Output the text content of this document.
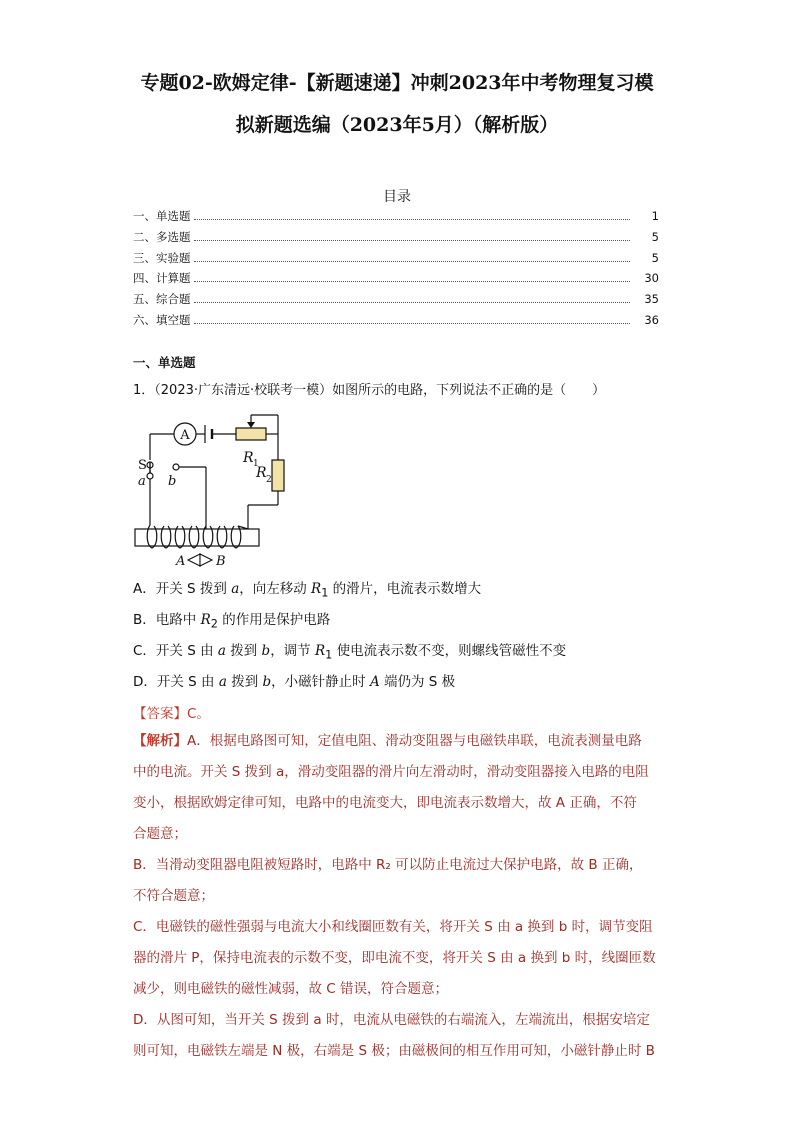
专题02-欧姆定律-【新题速递】冲刺2023年中考物理复习模
拟新题选编（2023年5月）（解析版）
目录
一、单选题	1
二、多选题	5
三、实验题	5
四、计算题	30
五、综合题	35
六、填空题	36
一、单选题
1．（2023·广东清远·校联考一模）如图所示的电路，下列说法不正确的是（　　）
A
R 1
R 2
S
a b
A B
A．开关 S 拨到 a，向左移动 $R_1$ 的滑片，电流表示数增大
B．电路中 $R_2$ 的作用是保护电路
C．开关 S 由 a 拨到 b，调节 $R_1$ 使电流表示数不变，则螺线管磁性不变
D．开关 S 由 a 拨到 b，小磁针静止时 A 端仍为 S 极
【答案】C。

【解析】A．根据电路图可知，定值电阻、滑动变阻器与电磁铁串联，电流表测量电路

中的电流。开关 S 拨到 a，滑动变阻器的滑片向左滑动时，滑动变阻器接入电路的电阻

变小，根据欧姆定律可知，电路中的电流变大，即电流表示数增大，故 A 正确，不符

合题意；

B．当滑动变阻器电阻被短路时，电路中 R₂ 可以防止电流过大保护电路，故 B 正确，

不符合题意；

C．电磁铁的磁性强弱与电流大小和线圈匝数有关，将开关 S 由 a 换到 b 时，调节变阻

器的滑片 P，保持电流表的示数不变，即电流不变，将开关 S 由 a 换到 b 时，线圈匝数

减少，则电磁铁的磁性减弱，故 C 错误，符合题意；

D．从图可知，当开关 S 拨到 a 时，电流从电磁铁的右端流入，左端流出，根据安培定

则可知，电磁铁左端是 N 极，右端是 S 极；由磁极间的相互作用可知，小磁针静止时 B
